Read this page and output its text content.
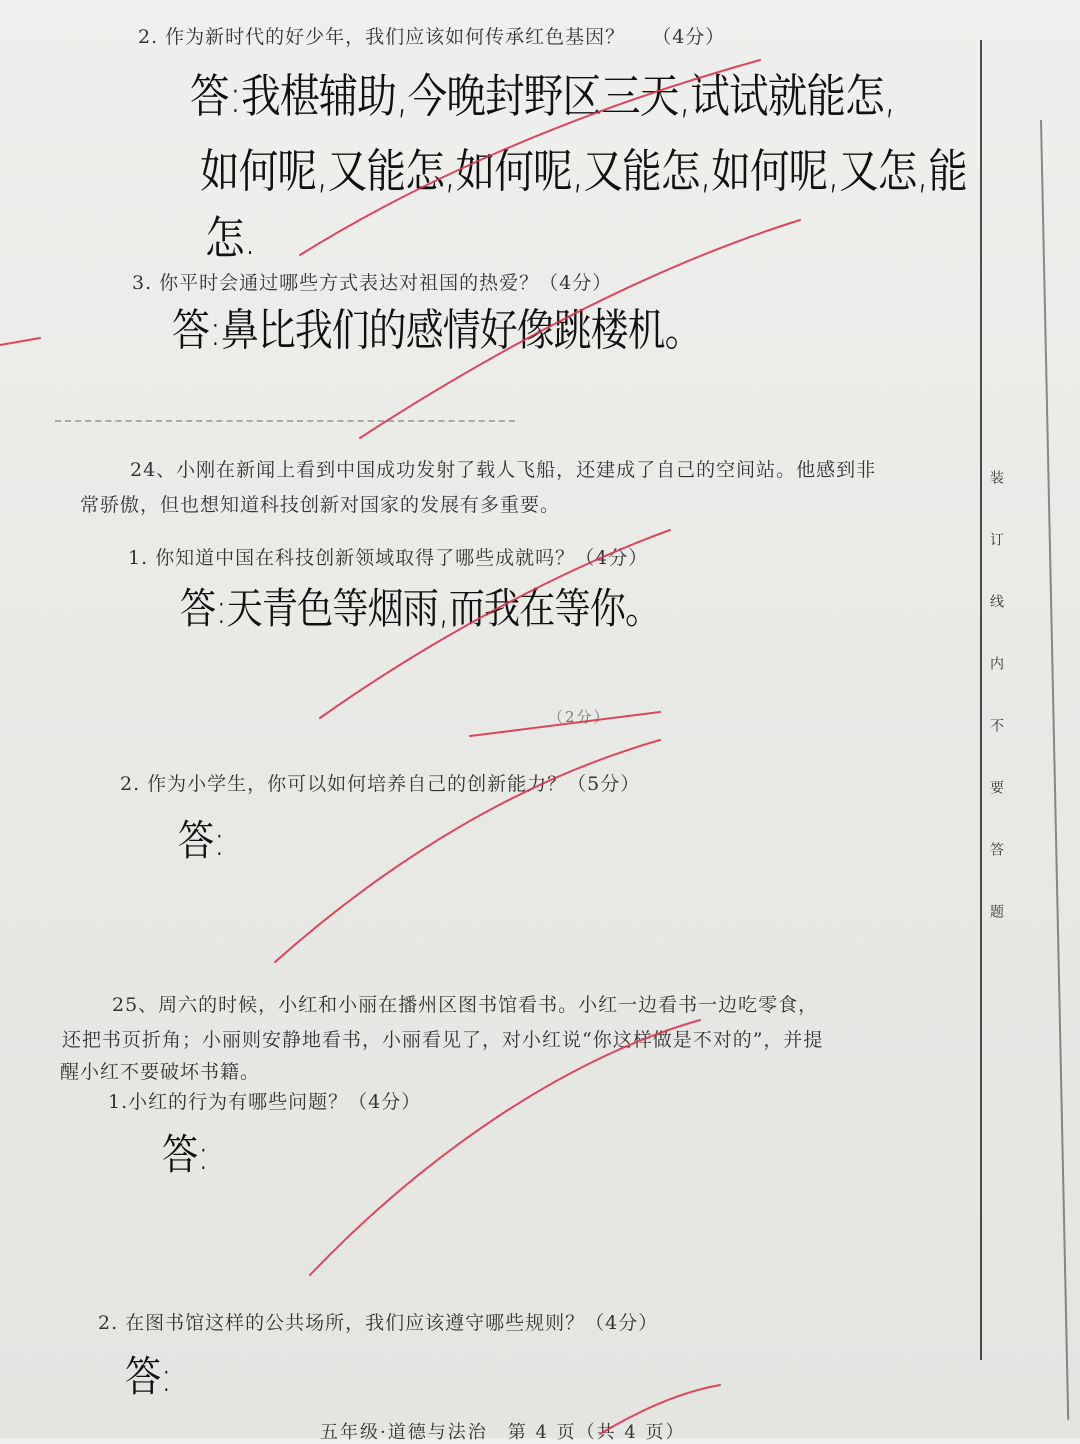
装订线内不要答题
2. 作为新时代的好少年，我们应该如何传承红色基因？ （4分）
答:我椹辅助,今晚封野区三天,试试就能怎,
如何呢,又能怎,如何呢,又能怎,如何呢,又怎,能
怎.
3. 你平时会通过哪些方式表达对祖国的热爱？（4分）
答:鼻比我们的感情好像跳楼机。
24、小刚在新闻上看到中国成功发射了载人飞船，还建成了自己的空间站。他感到非
常骄傲，但也想知道科技创新对国家的发展有多重要。
1. 你知道中国在科技创新领域取得了哪些成就吗？（4分）
答:天青色等烟雨,而我在等你。
（2分）
2. 作为小学生，你可以如何培养自己的创新能力？（5分）
答:
25、周六的时候，小红和小丽在播州区图书馆看书。小红一边看书一边吃零食，
还把书页折角；小丽则安静地看书，小丽看见了，对小红说“你这样做是不对的”，并提
醒小红不要破坏书籍。
1.小红的行为有哪些问题？（4分）
答:
2. 在图书馆这样的公共场所，我们应该遵守哪些规则？（4分）
答:
五年级·道德与法治　第 4 页（共 4 页）
